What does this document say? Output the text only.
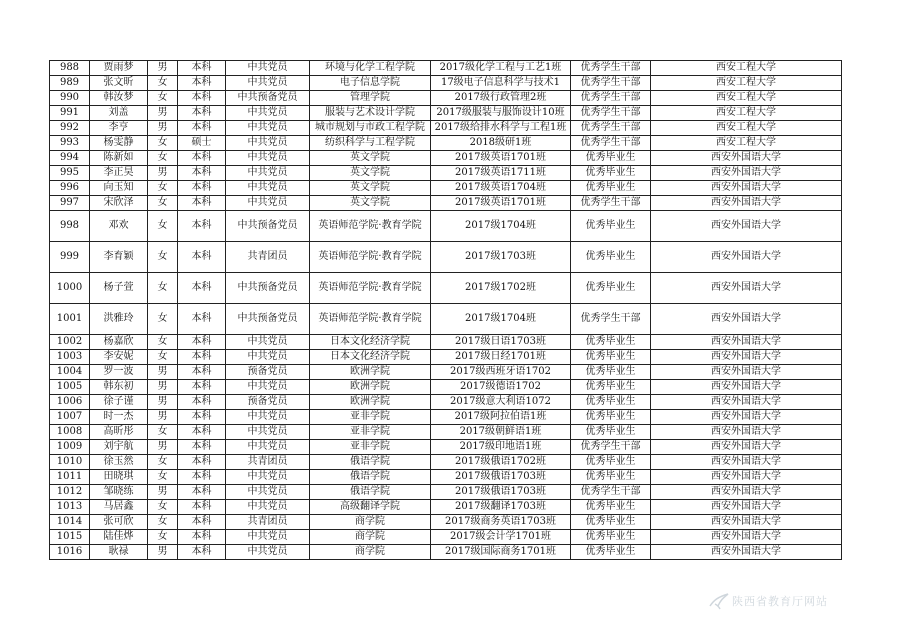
988	贾雨梦	男	本科	中共党员	环境与化学工程学院	2017级化学工程与工艺1班	优秀学生干部	西安工程大学
989	张文昕	女	本科	中共党员	电子信息学院	17级电子信息科学与技术1	优秀学生干部	西安工程大学
990	韩汝梦	女	本科	中共预备党员	管理学院	2017级行政管理2班	优秀学生干部	西安工程大学
991	刘盖	男	本科	中共党员	服装与艺术设计学院	2017级服装与服饰设计10班	优秀学生干部	西安工程大学
992	李亨	男	本科	中共党员	城市规划与市政工程学院	2017级给排水科学与工程1班	优秀学生干部	西安工程大学
993	杨雯静	女	硕士	中共党员	纺织科学与工程学院	2018级研1班	优秀学生干部	西安工程大学
994	陈新如	女	本科	中共党员	英文学院	2017级英语1701班	优秀毕业生	西安外国语大学
995	李正昊	男	本科	中共党员	英文学院	2017级英语1711班	优秀毕业生	西安外国语大学
996	向玉知	女	本科	中共党员	英文学院	2017级英语1704班	优秀毕业生	西安外国语大学
997	宋欣泽	女	本科	中共党员	英文学院	2017级英语1701班	优秀学生干部	西安外国语大学
998	邓欢	女	本科	中共预备党员	英语师范学院·教育学院	2017级1704班	优秀毕业生	西安外国语大学
999	李育颖	女	本科	共青团员	英语师范学院·教育学院	2017级1703班	优秀毕业生	西安外国语大学
1000	杨子萱	女	本科	中共预备党员	英语师范学院·教育学院	2017级1702班	优秀毕业生	西安外国语大学
1001	洪雅玲	女	本科	中共预备党员	英语师范学院·教育学院	2017级1704班	优秀学生干部	西安外国语大学
1002	杨嘉欣	女	本科	中共党员	日本文化经济学院	2017级日语1703班	优秀毕业生	西安外国语大学
1003	李安妮	女	本科	中共党员	日本文化经济学院	2017级日经1701班	优秀毕业生	西安外国语大学
1004	罗一波	男	本科	预备党员	欧洲学院	2017级西班牙语1702	优秀毕业生	西安外国语大学
1005	韩东初	男	本科	中共党员	欧洲学院	2017级德语1702	优秀毕业生	西安外国语大学
1006	徐子谨	男	本科	预备党员	欧洲学院	2017级意大利语1072	优秀毕业生	西安外国语大学
1007	时一杰	男	本科	中共党员	亚非学院	2017级阿拉伯语1班	优秀毕业生	西安外国语大学
1008	高昕彤	女	本科	中共党员	亚非学院	2017级朝鲜语1班	优秀毕业生	西安外国语大学
1009	刘宇航	男	本科	中共党员	亚非学院	2017级印地语1班	优秀学生干部	西安外国语大学
1010	徐玉然	女	本科	共青团员	俄语学院	2017级俄语1702班	优秀毕业生	西安外国语大学
1011	田晓琪	女	本科	中共党员	俄语学院	2017级俄语1703班	优秀毕业生	西安外国语大学
1012	邹晓练	男	本科	中共党员	俄语学院	2017级俄语1703班	优秀学生干部	西安外国语大学
1013	马居鑫	女	本科	中共党员	高级翻译学院	2017级翻译1703班	优秀毕业生	西安外国语大学
1014	张可欣	女	本科	共青团员	商学院	2017级商务英语1703班	优秀毕业生	西安外国语大学
1015	陆佳烨	女	本科	中共党员	商学院	2017级会计学1701班	优秀毕业生	西安外国语大学
1016	耿禄	男	本科	中共党员	商学院	2017级国际商务1701班	优秀毕业生	西安外国语大学
陕西省教育厅网站
